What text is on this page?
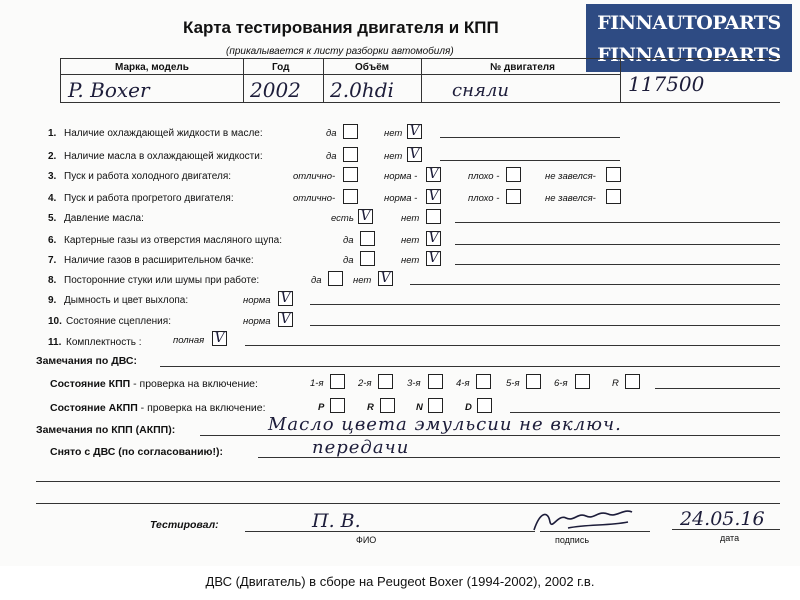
FINNAUTOPARTS
FINNAUTOPARTS
Карта тестирования двигателя и КПП
(прикалывается к листу разборки автомобиля)
Марка, модель	Год	Объём	№ двигателя
P. Boxer	2002 2.0hdi	сняли	117500
1. Наличие охлаждающей жидкости в масле:	да	нет V
2. Наличие масла в охлаждающей жидкости:	да	нет V
3. Пуск и работа холодного двигателя:	отлично-	норма - V	плохо -	не завелся-
4. Пуск и работа прогретого двигателя:	отлично-	норма - V	плохо -	не завелся-
5. Давление масла:	есть V	нет
6. Картерные газы из отверстия масляного щупа:	да	нет V
7. Наличие газов в расширительном бачке:	да	нет V
8. Посторонние стуки или шумы при работе:	да	нет V
9. Дымность и цвет выхлопа:	норма V
10. Состояние сцепления:	норма V
11. Комплектность :	полная V
Замечания по ДВС:
Состояние КПП - проверка на включение:	1-я	2-я	3-я	4-я	5-я	6-я	R
Состояние АКПП - проверка на включение:	P	R	N	D
Замечания по КПП (АКПП):	Масло цвета эмульсии не включ.
Снято с ДВС (по согласованию!):	передачи
Тестировал:	П. В.
ФИО	подпись
24.05.16
дата
ДВС (Двигатель) в сборе на Peugeot Boxer (1994-2002), 2002 г.в.
